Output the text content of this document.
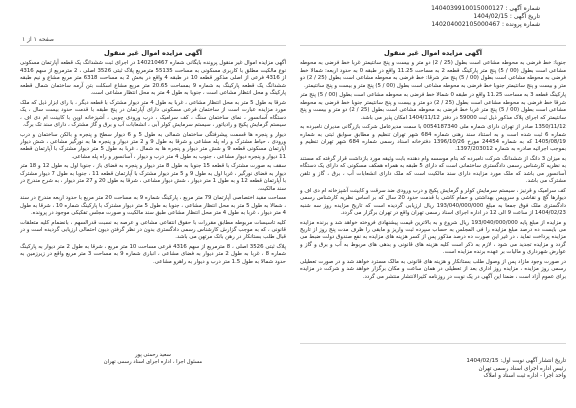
شماره آگهی : 1404039910015000127
تاریخ آگهی : 1404/02/15
شماره پرونده : 140204002105000467
صفحه ۱ از ۱
آگهی مزایده اموال غیر منقول
جنوبا: خط فرضی به محوطه مشاعی است بطول (25 / 2) دو متر و بیست و پنج سانتیمتر غربا خط فرضی به محوطه مشاعی است بطول (00 / 5) پنج متر پارکینگ قطعه 2 به مساحت 11.25 واقع در طبقه 0 به حدود اربعه: شمالا خط فرضی به محوطه مشاعی است بطول (00 / 5) پنج متر شرقا: خط فرضی به محوطه مشاعی است بطول (25 / 2) دو متر و بیست و پنج سانتیمتر جنوبا خط فرضی به محوطه مشاعی است بطول (00 / 5) پنج متر و بیست و پنج سانتیمتر.
پارکینگ قطعه 3 به مساحت 11.25 واقع در طبقه 0 شمالا خط فرضی به محوطه مشاعی است بطول (00 / 5) پنج متر شرقا خط فرضی به محوطه مشاعی است بطول (25 / 2) دو متر و بیست و پنج سانتیمتر جنوبا خط فرضی به محوطه مشاعی است بطول (00 / 5) پنج متر غربا خط فرضی به محوطه مشاعی است بطول (25 / 2) دو متر و بیست و پنج سانتیمتر که اجرای پلاک مذکور ذیل ثبت 59000 در دفتر 1404/11/12 امکان پذیر می باشد.
1350/11/12 صادر از تهران دارای شماره ملی 0054187340 با سمت مدیرعامل شرکت بازرگانی مدیران نامبرده به شماره 6 ثبت شده است و به استناد سند رهنی شماره 684 شهر تهران تنظیم و مطابق سوابق ثبتی به شماره 1405/08/19 که به شماره 24454 مورخ 1396/10/26 دفترخانه اسناد رسمی شماره 684 شهر تهران تنظیم و بموجب اجرائیه صادره به شماره 1397/203012.
به میزان 3 دانگ از ششدانگ شرکت نامبرده که بنام موسسه وام دهنده بابت وثیقه مورد بازداشت قرار گرفته که مستند به نظریه کارشناس رسمی دادگستری ساختمانی است که دارای 5 طبقه به همراه همکف مسکونی که دارای یک دستگاه آسانسور می باشد که ملک مورد مزایده دارای سند مالکیت است که ملک دارای انشعابات آب ، برق ، گاز و تلفن مشترک می باشد.
کف سرامیک و قرنیز ، سیستم سرمایش کولر و گرمایش پکیج و درب ورودی ضد سرقت و کابینت آشپزخانه ام دی اف و دیوارها گچ و نقاشی و سرویس بهداشتی و حمام کاشی با قدمت حدود 20 سال که بر اساس نظریه کارشناس رسمی دادگستری ملک فوق جمعا به مبلغ 193/040/000/000 ریال ارزیابی گردیده است که تاریخ مزایده روز سه شنبه 1404/02/23 از ساعت 9 الی 12 در اداره اجرای اسناد رسمی تهران واقع در تهران برگزار می گردد.
و مزایده از مبلغ پایه 193/040/000/000 ریال شروع و به بالاترین قیمت پیشنهادی فروخته خواهد شد و برنده مزایده می بایست ده درصد مبلغ مزایده را فی المجلس به حساب سپرده ثبت واریز و مابقی را ظرف مدت پنج روز از تاریخ مزایده پرداخت نماید ، در غیر این صورت ده درصد مذکور پس از کسر هزینه های مزایده به نفع صندوق دولت ضبط می گردد و مزایده تجدید می شود ، لازم به ذکر است کلیه هزینه های قانونی و بدهی های مربوط به آب و برق و گاز و عوارض شهرداری و مالیات بر عهده برنده مزایده است.
در صورت وجود مازاد پس از وصول طلب بستانکار و هزینه های قانونی به مالک مسترد خواهد شد و در صورت تعطیلی رسمی روز مزایده ، مزایده روز اداری بعد از تعطیلی در همان ساعت و مکان برگزار خواهد شد و شرکت در مزایده برای عموم آزاد است ، ضمنا این آگهی در یک نوبت در روزنامه کثیرالانتشار منتشر می گردد.
آگهی مزایده اموال غیر منقول
آگهی مزایده اموال غیر منقول پرونده بایگانی شماره 140210467 در اجرای ثبت ششدانگ یک قطعه آپارتمان مسکونی نوع مالکیت مطلق با کاربری مسکونی به مساحت 55135 مترمربع پلاک ثبتی 3526 اصلی ، 2 مترمربع از سهم 4316 از 4316 فرعی از اصلی مذکور قطعه 10 در طبقه 4 واقع در بخش 2 به مساحت 6318 متر مربع مشاع و نیم طبقه ششدانگ یک قطعه پارکینگ به شماره 9 بمساحت 20.65 متر مربع مشاع اسکلت بتن آرمه ساختمان شمال قطعه پارکینگ و محل انتظار مشاعی است ، جنوبا به طول 4 متر به محل انتظار مشاعی است.
شرقا به طول 5 متر به محل انتظار مشاعی ، غربا به طول 4 متر دیوار مشترک با قطعه دیگر ، با رای ابزار ذیل که ملک مورد مزایده عبارت است از ساختمان فرعی مسکونی دارای آپارتمان در پنج طبقه با قدمت حدود بیست سال ، یک دستگاه آسانسور ، نمای ساختمان سنگ ، کف سرامیک ، درب ورودی چوبی ، آشپزخانه اوپن با کابینت ام دی اف ، سیستم گرمایش پکیج و رادیاتور ، سیستم سرمایش کولر آبی ، انشعابات آب و برق و گاز مشترک ، دارای سند تک برگ.
دیوار و پنجره ها قسمت پیشرفتگی ساختمان شمالی به طول 5 و 6 دیوار سطح و پنجره و بالکن ساختمان و درب ورودی ، حیاط مشترک و راه پله مشاعی و شرقا به طول 9 و 2 متر دیوار و پنجره ها به نورگیر مشاعی ، شش دیوار آپارتمان مسکونی قطعه 9 و شش متر دیوار و پنجره ها به شمال ، غربا به طول 5 متر دیوار مشترک با آپارتمان قطعه 11 دیوار و پنجره دیوار مشاعی ، جنوب به طول 4 متر درب و دیوار ، آسانسور و راه پله مشاعی.
سقف به صورت مشترک با قطعه 15 جنوبا به طول 8 متر دیوار و پنجره به فضای باز ، جنوبا اول به طول 12 و 18 متر دیوار به فضای نورگیر ، غربا اول به طول 9 و 5 متر دیوار مشترک با آپارتمان قطعه 11 ، جنوبا به طول 7 دیوار مشترک با آپارتمان قطعه 12 و به طول 1 متر دیوار ، شش دیوار مشاعی ، شرقا به طول 20 و 27 متر دیوار ، به شرح مندرج در سند مالکیت.
مساحت مفید اختصاصی آپارتمان 79 متر مربع ، پارکینگ شماره 9 به مساحت 20 متر مربع با حدود اربعه مندرج در سند ، شمالا به طول 5 متر به محل انتظار مشاعی ، جنوبا به طول 5 متر دیوار مشترک با پارکینگ شماره 10 ، شرقا به طول 4 متر دیوار ، غربا به طول 4 متر محل انتظار مشاعی طبق سند مالکیت و صورت مجلس تفکیکی موجود در پرونده.
کلیه تاسیسات مربوطه مطابق مقررات با حقوق انتفاعی مشاعی و عرصه به نسبت قدرالسهم ، بانضمام کلیه متعلقات قانونی ، که به موجب گزارش کارشناس رسمی دادگستری بدون در نظر گرفتن دیون احتمالی ارزیابی گردیده است و در قبال طلب بستانکار در رهن بانک مرتهن می باشد.
پلاک ثبتی 3526 اصلی ، 8 مترمربع از سهم 4316 فرعی مساحت 10 متر مربع ، شرقا به طول 2 متر دیوار به پارکینگ شماره 8 ، غربا به طول 2 متر دیوار به فضای مشاعی ، انباری شماره 9 به مساحت 3 متر مربع واقع در زیرزمین به حدود شمالا به طول 1.5 متر درب و دیوار به راهرو مشاعی.
تاریخ انتشار آگهی نوبت اول: 1404/02/15
رئیس اداره اجرای اسناد رسمی تهران
واحد اجرا - اداره ثبت اسناد و املاک
سعید رحمتی ‌پور
مسئول اجرا ، اداره اجرای اسناد رسمی تهران
